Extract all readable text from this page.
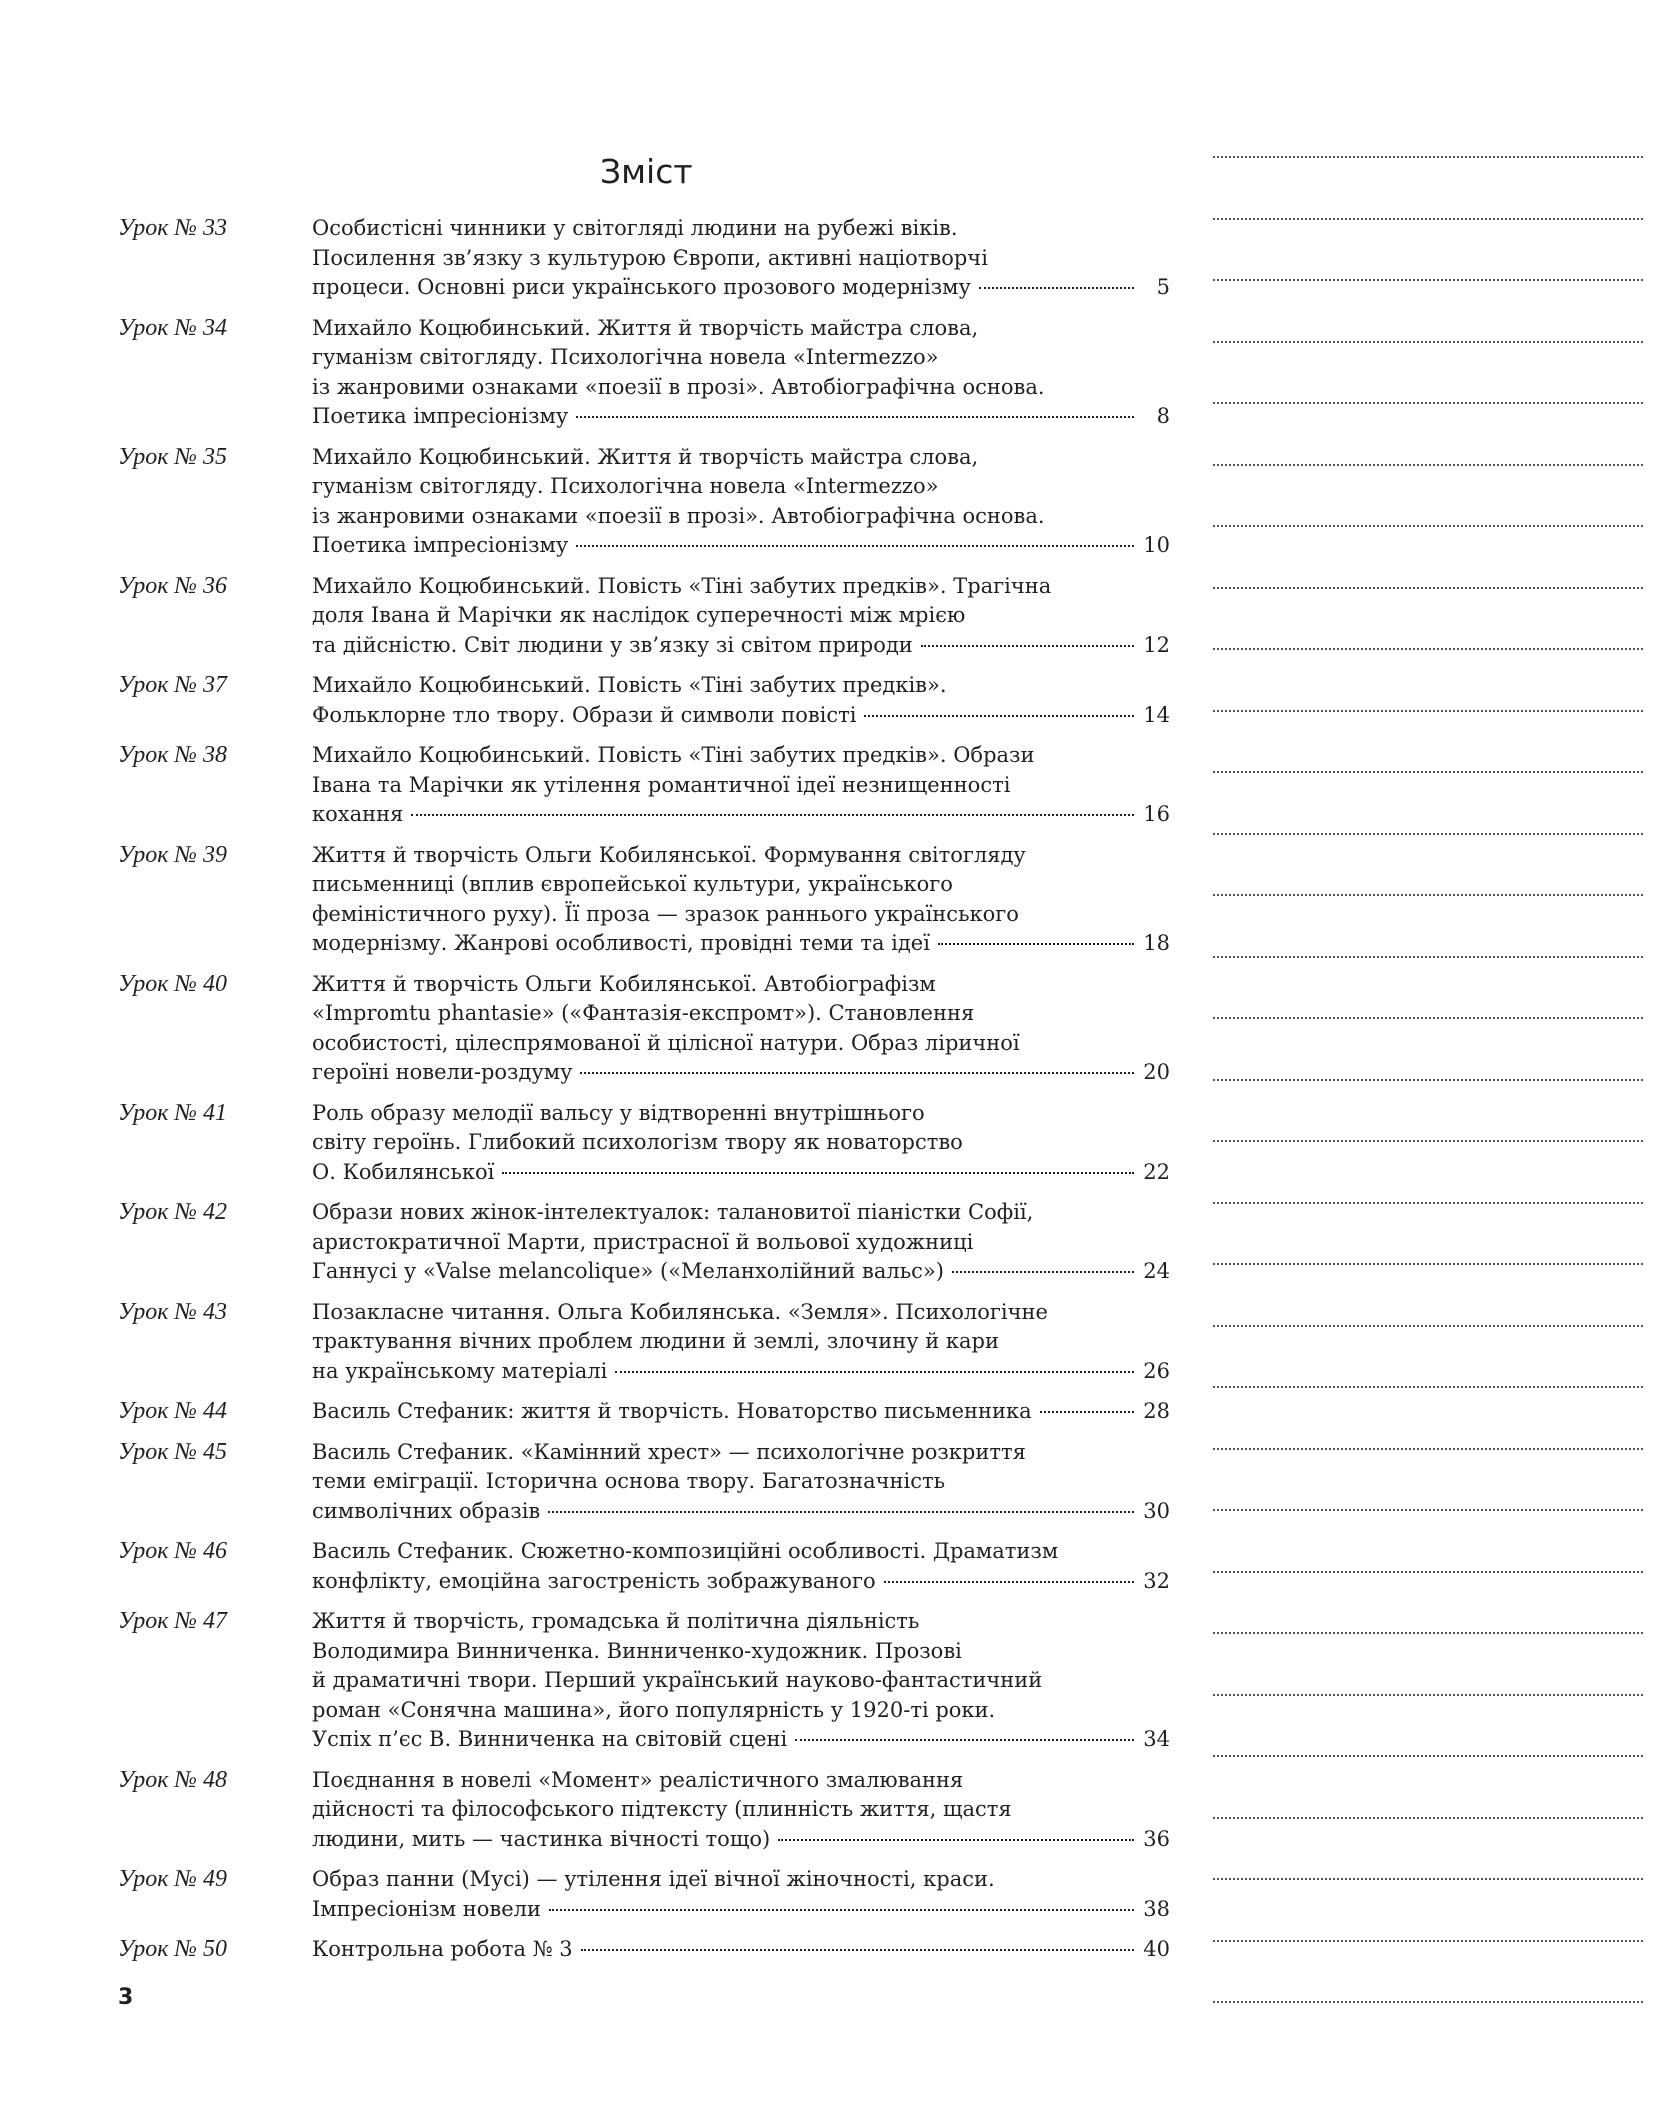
Зміст
Урок № 33	Особистісні чинники у світогляді людини на рубежі віків.
Посилення зв’язку з культурою Європи, активні націотворчі
процеси. Основні риси українського прозового модернізму	5
Урок № 34	Михайло Коцюбинський. Життя й творчість майстра слова,
гуманізм світогляду. Психологічна новела «Intermezzo»
із жанровими ознаками «поезії в прозі». Автобіографічна основа.
Поетика імпресіонізму	8
Урок № 35	Михайло Коцюбинський. Життя й творчість майстра слова,
гуманізм світогляду. Психологічна новела «Intermezzo»
із жанровими ознаками «поезії в прозі». Автобіографічна основа.
Поетика імпресіонізму	10
Урок № 36	Михайло Коцюбинський. Повість «Тіні забутих предків». Трагічна
доля Івана й Марічки як наслідок суперечності між мрією
та дійсністю. Світ людини у зв’язку зі світом природи	12
Урок № 37	Михайло Коцюбинський. Повість «Тіні забутих предків».
Фольклорне тло твору. Образи й символи повісті	14
Урок № 38	Михайло Коцюбинський. Повість «Тіні забутих предків». Образи
Івана та Марічки як утілення романтичної ідеї незнищенності
кохання	16
Урок № 39	Життя й творчість Ольги Кобилянської. Формування світогляду
письменниці (вплив європейської культури, українського
феміністичного руху). Її проза — зразок раннього українського
модернізму. Жанрові особливості, провідні теми та ідеї	18
Урок № 40	Життя й творчість Ольги Кобилянської. Автобіографізм
«Impromtu phantasie» («Фантазія-експромт»). Становлення
особистості, цілеспрямованої й цілісної натури. Образ ліричної
героїні новели-роздуму	20
Урок № 41	Роль образу мелодії вальсу у відтворенні внутрішнього
світу героїнь. Глибокий психологізм твору як новаторство
О. Кобилянської	22
Урок № 42	Образи нових жінок-інтелектуалок: талановитої піаністки Софії,
аристократичної Марти, пристрасної й вольової художниці
Ганнусі у «Valse melancolique» («Меланхолійний вальс»)	24
Урок № 43	Позакласне читання. Ольга Кобилянська. «Земля». Психологічне
трактування вічних проблем людини й землі, злочину й кари
на українському матеріалі	26
Урок № 44	Василь Стефаник: життя й творчість. Новаторство письменника	28
Урок № 45	Василь Стефаник. «Камінний хрест» — психологічне розкриття
теми еміграції. Історична основа твору. Багатозначність
символічних образів	30
Урок № 46	Василь Стефаник. Сюжетно-композиційні особливості. Драматизм
конфлікту, емоційна загостреність зображуваного	32
Урок № 47	Життя й творчість, громадська й політична діяльність
Володимира Винниченка. Винниченко-художник. Прозові
й драматичні твори. Перший український науково-фантастичний
роман «Сонячна машина», його популярність у 1920-ті роки.
Успіх п’єс В. Винниченка на світовій сцені	34
Урок № 48	Поєднання в новелі «Момент» реалістичного змалювання
дійсності та філософського підтексту (плинність життя, щастя
людини, мить — частинка вічності тощо)	36
Урок № 49	Образ панни (Мусі) — утілення ідеї вічної жіночності, краси.
Імпресіонізм новели	38
Урок № 50	Контрольна робота № 3	40
3
